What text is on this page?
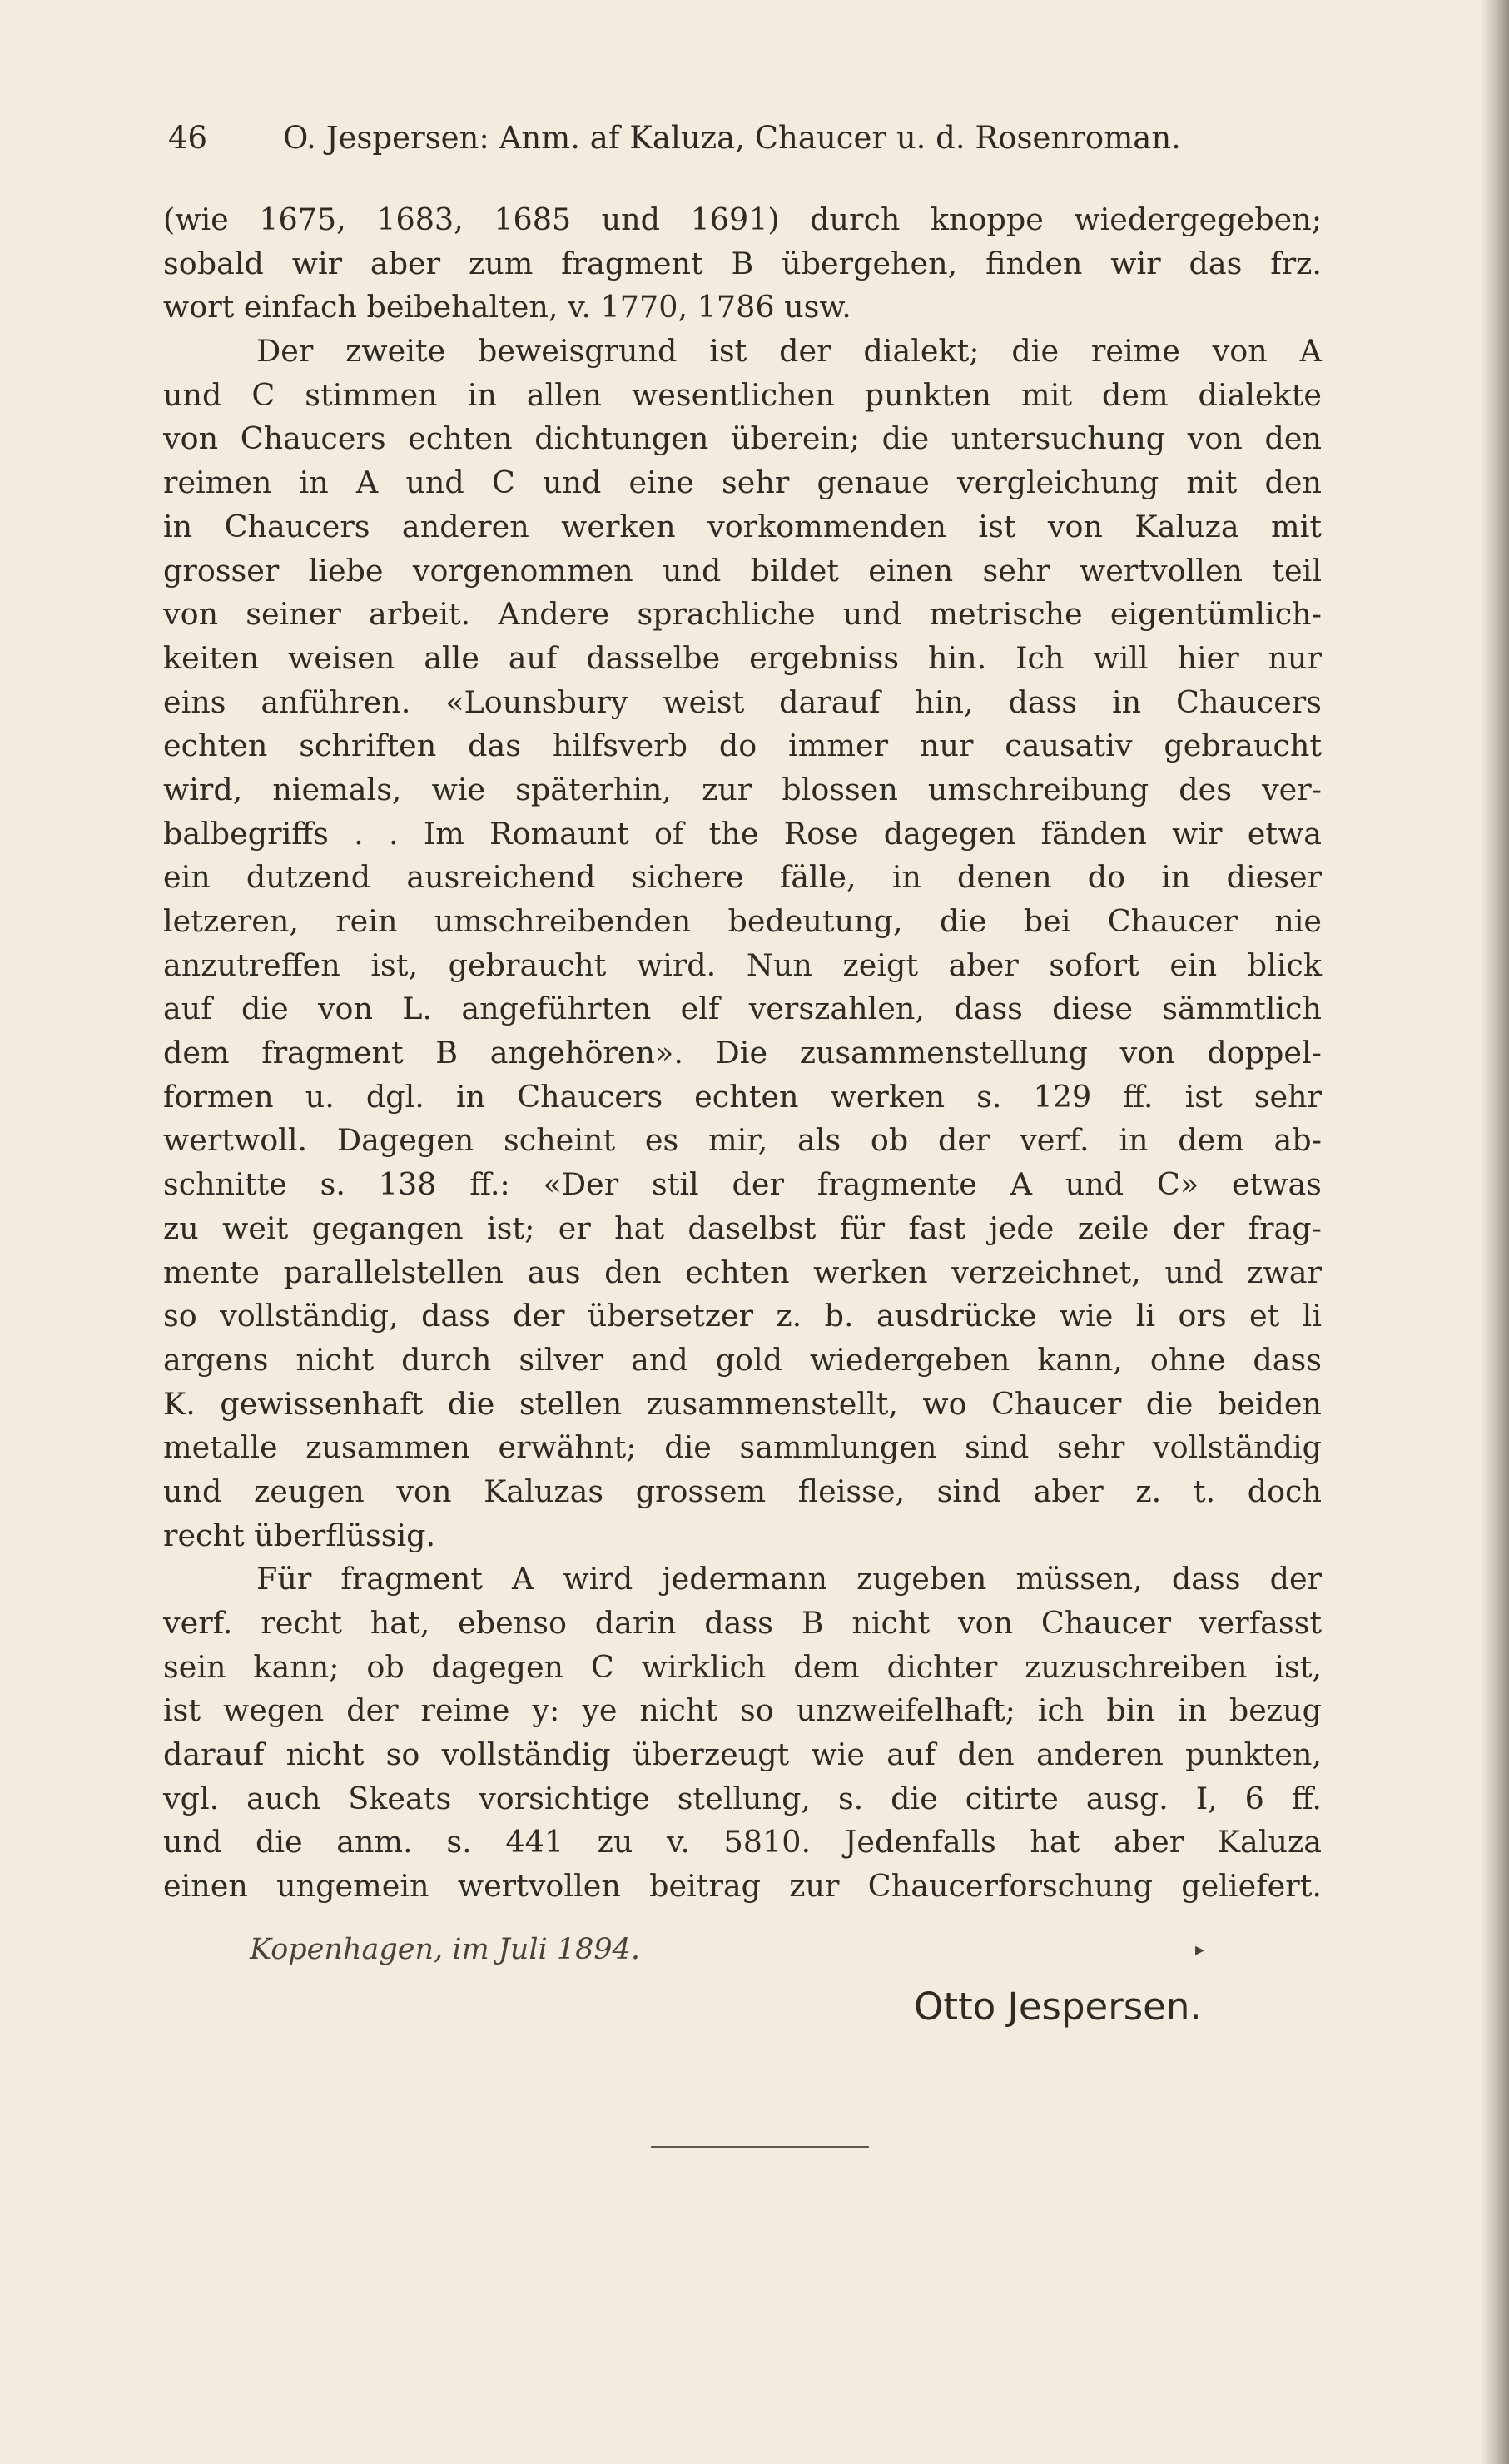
46 O. Jespersen: Anm. af Kaluza, Chaucer u. d. Rosenroman.
(wie 1675, 1683, 1685 und 1691) durch knoppe wiedergegeben;
sobald wir aber zum fragment B übergehen, finden wir das frz.
wort einfach beibehalten, v. 1770, 1786 usw.
Der zweite beweisgrund ist der dialekt; die reime von A
und C stimmen in allen wesentlichen punkten mit dem dialekte
von Chaucers echten dichtungen überein; die untersuchung von den
reimen in A und C und eine sehr genaue vergleichung mit den
in Chaucers anderen werken vorkommenden ist von Kaluza mit
grosser liebe vorgenommen und bildet einen sehr wertvollen teil
von seiner arbeit. Andere sprachliche und metrische eigentümlich-
keiten weisen alle auf dasselbe ergebniss hin. Ich will hier nur
eins anführen. «Lounsbury weist darauf hin, dass in Chaucers
echten schriften das hilfsverb do immer nur causativ gebraucht
wird, niemals, wie späterhin, zur blossen umschreibung des ver-
balbegriffs . . Im Romaunt of the Rose dagegen fänden wir etwa
ein dutzend ausreichend sichere fälle, in denen do in dieser
letzeren, rein umschreibenden bedeutung, die bei Chaucer nie
anzutreffen ist, gebraucht wird. Nun zeigt aber sofort ein blick
auf die von L. angeführten elf verszahlen, dass diese sämmtlich
dem fragment B angehören». Die zusammenstellung von doppel-
formen u. dgl. in Chaucers echten werken s. 129 ff. ist sehr
wertwoll. Dagegen scheint es mir, als ob der verf. in dem ab-
schnitte s. 138 ff.: «Der stil der fragmente A und C» etwas
zu weit gegangen ist; er hat daselbst für fast jede zeile der frag-
mente parallelstellen aus den echten werken verzeichnet, und zwar
so vollständig, dass der übersetzer z. b. ausdrücke wie li ors et li
argens nicht durch silver and gold wiedergeben kann, ohne dass
K. gewissenhaft die stellen zusammenstellt, wo Chaucer die beiden
metalle zusammen erwähnt; die sammlungen sind sehr vollständig
und zeugen von Kaluzas grossem fleisse, sind aber z. t. doch
recht überflüssig.
Für fragment A wird jedermann zugeben müssen, dass der
verf. recht hat, ebenso darin dass B nicht von Chaucer verfasst
sein kann; ob dagegen C wirklich dem dichter zuzuschreiben ist,
ist wegen der reime y: ye nicht so unzweifelhaft; ich bin in bezug
darauf nicht so vollständig überzeugt wie auf den anderen punkten,
vgl. auch Skeats vorsichtige stellung, s. die citirte ausg. I, 6 ff.
und die anm. s. 441 zu v. 5810. Jedenfalls hat aber Kaluza
einen ungemein wertvollen beitrag zur Chaucerforschung geliefert.
Kopenhagen, im Juli 1894.	▸
Otto Jespersen.
